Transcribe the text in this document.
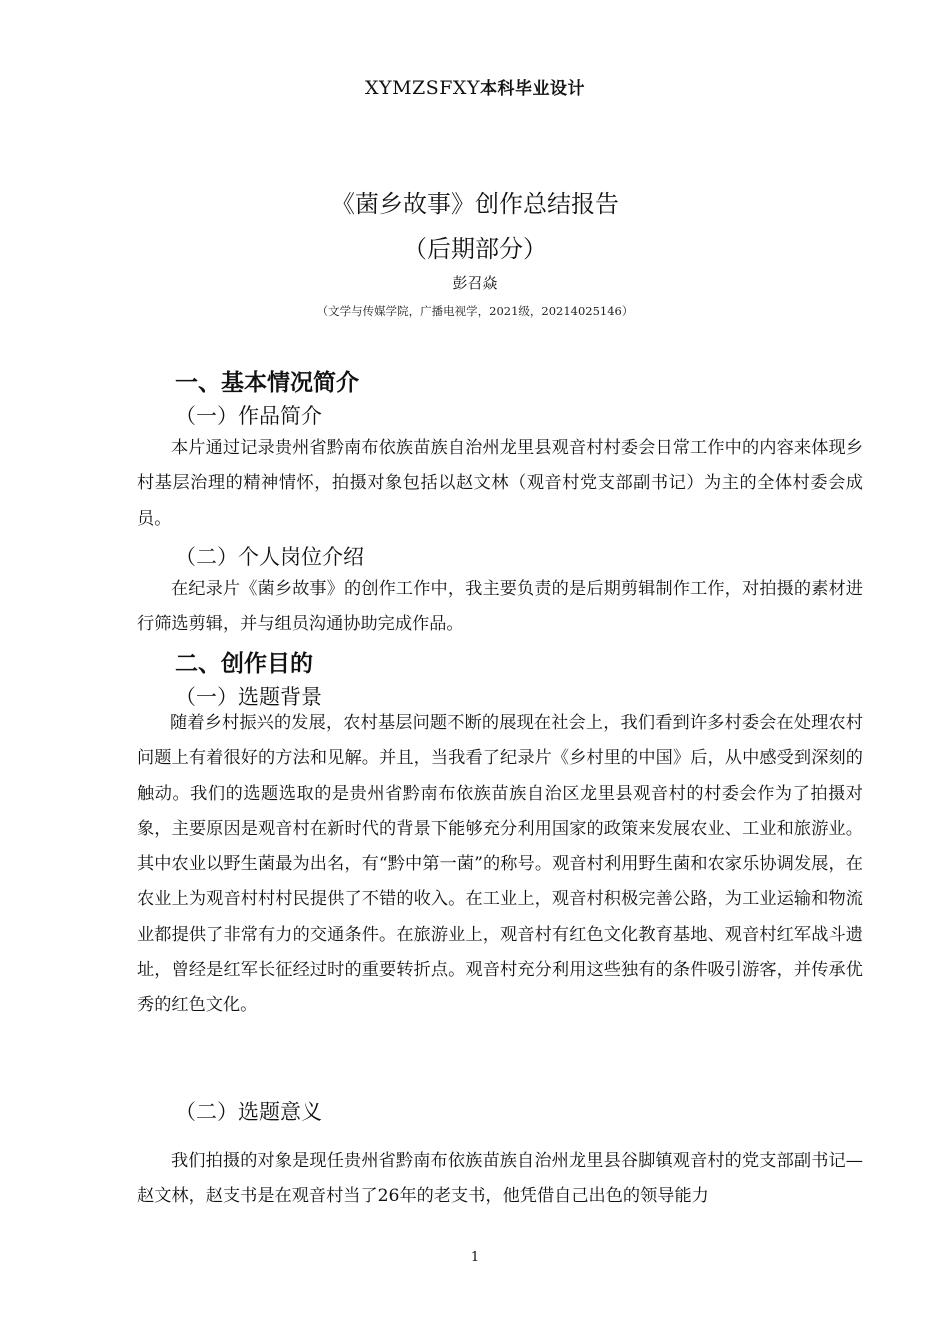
XYMZSFXY本科毕业设计
《菌乡故事》创作总结报告
（后期部分）
彭召焱
（文学与传媒学院，广播电视学，2021级，20214025146）
一、基本情况简介
（一）作品简介

本片通过记录贵州省黔南布依族苗族自治州龙里县观音村村委会日常工作中的内容来体现乡村基层治理的精神情怀，拍摄对象包括以赵文林（观音村党支部副书记）为主的全体村委会成员。

（二）个人岗位介绍

在纪录片《菌乡故事》的创作工作中，我主要负责的是后期剪辑制作工作，对拍摄的素材进行筛选剪辑，并与组员沟通协助完成作品。

二、创作目的
（一）选题背景

随着乡村振兴的发展，农村基层问题不断的展现在社会上，我们看到许多村委会在处理农村问题上有着很好的方法和见解。并且，当我看了纪录片《乡村里的中国》后，从中感受到深刻的触动。我们的选题选取的是贵州省黔南布依族苗族自治区龙里县观音村的村委会作为了拍摄对象，主要原因是观音村在新时代的背景下能够充分利用国家的政策来发展农业、工业和旅游业。其中农业以野生菌最为出名，有“黔中第一菌”的称号。观音村利用野生菌和农家乐协调发展，在农业上为观音村村村民提供了不错的收入。在工业上，观音村积极完善公路，为工业运输和物流业都提供了非常有力的交通条件。在旅游业上，观音村有红色文化教育基地、观音村红军战斗遗址，曾经是红军长征经过时的重要转折点。观音村充分利用这些独有的条件吸引游客，并传承优秀的红色文化。

（二）选题意义

我们拍摄的对象是现任贵州省黔南布依族苗族自治州龙里县谷脚镇观音村的党支部副书记—赵文林，赵支书是在观音村当了26年的老支书，他凭借自己出色的领导能力

1
